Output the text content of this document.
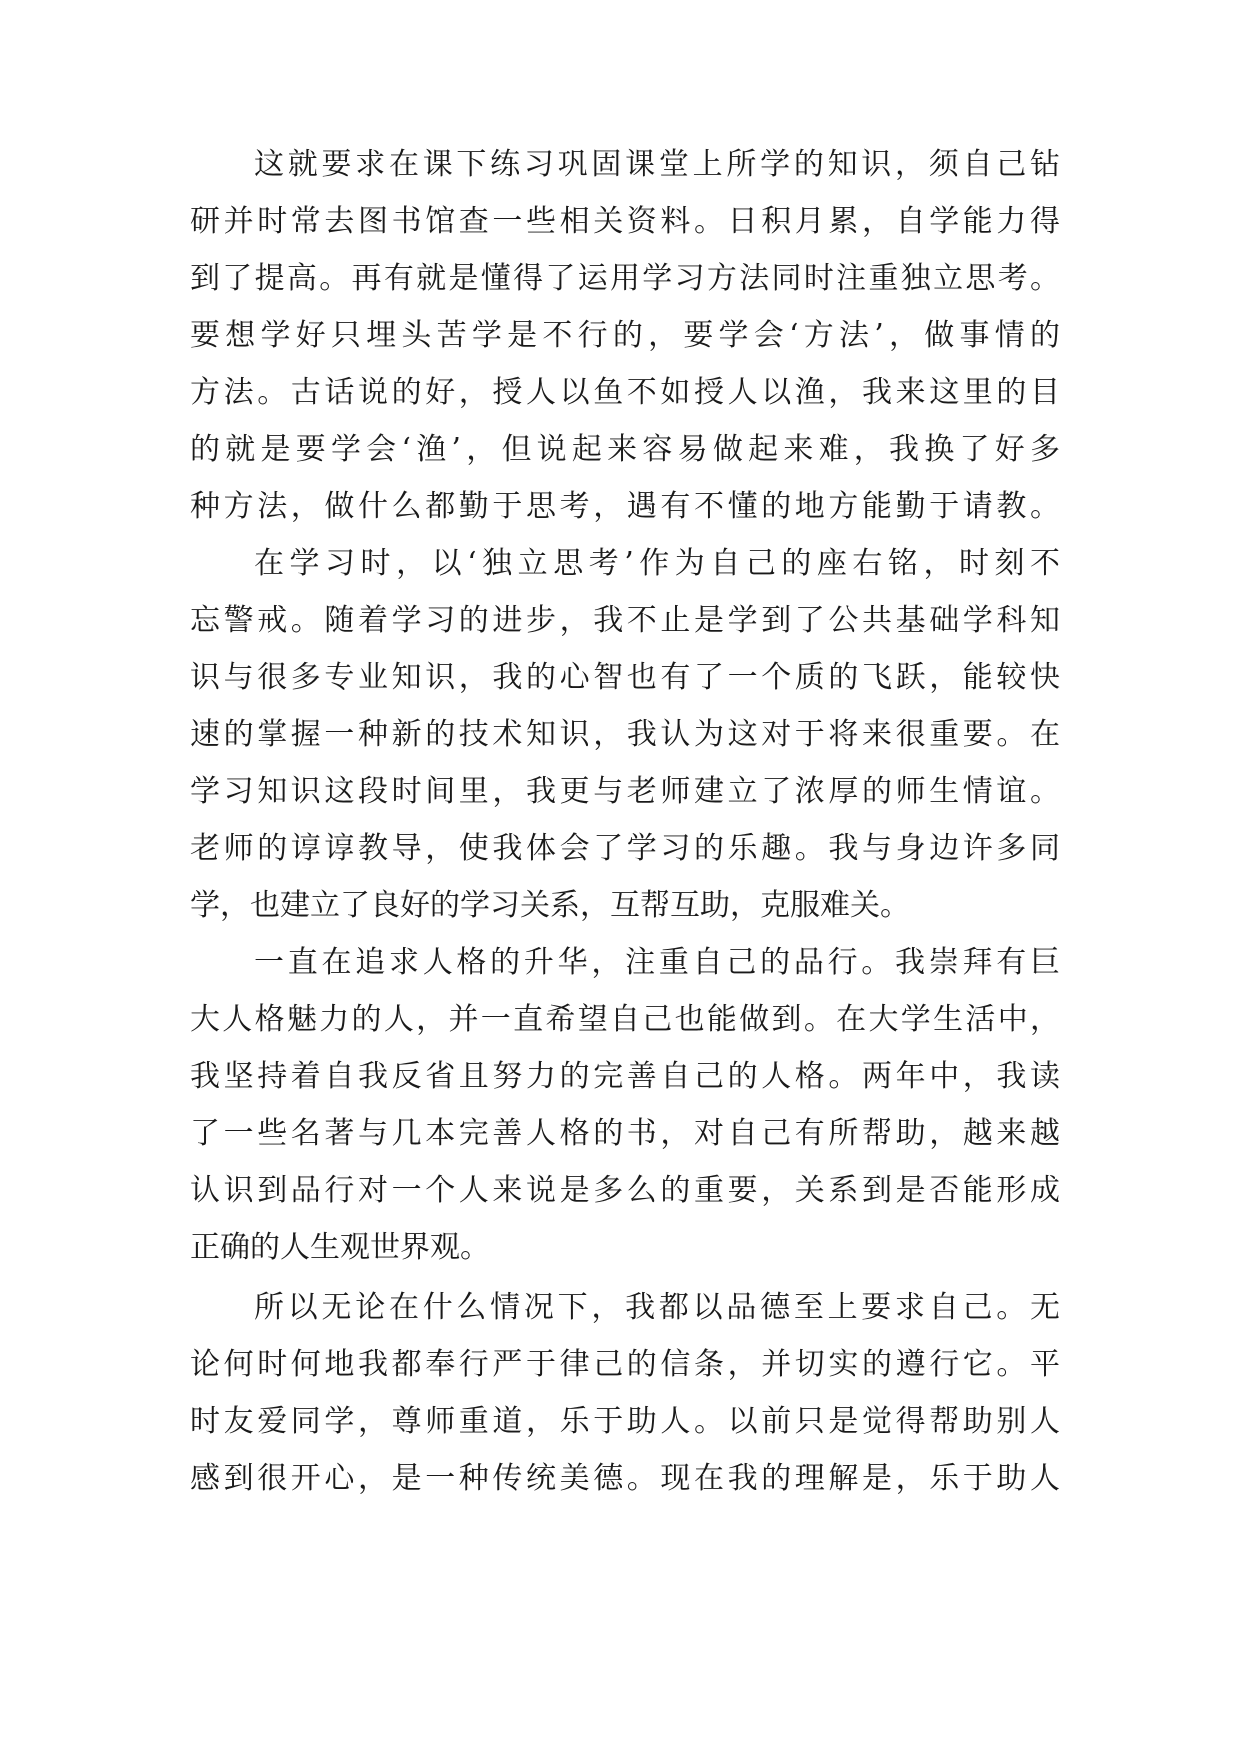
这就要求在课下练习巩固课堂上所学的知识，须自己钻

研并时常去图书馆查一些相关资料。日积月累，自学能力得

到了提高。再有就是懂得了运用学习方法同时注重独立思考。

要想学好只埋头苦学是不行的，要学会‘方法’，做事情的

方法。古话说的好，授人以鱼不如授人以渔，我来这里的目

的就是要学会‘渔’，但说起来容易做起来难，我换了好多

种方法，做什么都勤于思考，遇有不懂的地方能勤于请教。

在学习时，以‘独立思考’作为自己的座右铭，时刻不

忘警戒。随着学习的进步，我不止是学到了公共基础学科知

识与很多专业知识，我的心智也有了一个质的飞跃，能较快

速的掌握一种新的技术知识，我认为这对于将来很重要。在

学习知识这段时间里，我更与老师建立了浓厚的师生情谊。

老师的谆谆教导，使我体会了学习的乐趣。我与身边许多同

学，也建立了良好的学习关系，互帮互助，克服难关。

一直在追求人格的升华，注重自己的品行。我崇拜有巨

大人格魅力的人，并一直希望自己也能做到。在大学生活中，

我坚持着自我反省且努力的完善自己的人格。两年中，我读

了一些名著与几本完善人格的书，对自己有所帮助，越来越

认识到品行对一个人来说是多么的重要，关系到是否能形成

正确的人生观世界观。

所以无论在什么情况下，我都以品德至上要求自己。无

论何时何地我都奉行严于律己的信条，并切实的遵行它。平

时友爱同学，尊师重道，乐于助人。以前只是觉得帮助别人

感到很开心，是一种传统美德。现在我的理解是，乐于助人
